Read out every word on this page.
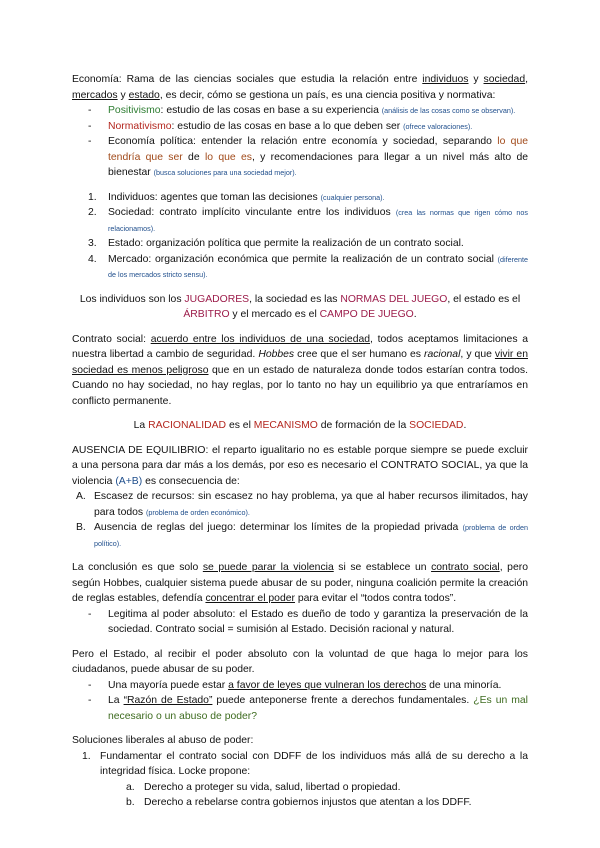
Economía: Rama de las ciencias sociales que estudia la relación entre individuos y sociedad, mercados y estado, es decir, cómo se gestiona un país, es una ciencia positiva y normativa:

-	Positivismo: estudio de las cosas en base a su experiencia (análisis de las cosas como se observan).
-	Normativismo: estudio de las cosas en base a lo que deben ser (ofrece valoraciones).
-	Economía política: entender la relación entre economía y sociedad, separando lo que tendría que ser de lo que es, y recomendaciones para llegar a un nivel más alto de bienestar (busca soluciones para una sociedad mejor).
1.	Individuos: agentes que toman las decisiones (cualquier persona).
2.	Sociedad: contrato implícito vinculante entre los individuos (crea las normas que rigen cómo nos relacionamos).
3.	Estado: organización política que permite la realización de un contrato social.
4.	Mercado: organización económica que permite la realización de un contrato social (diferente de los mercados stricto sensu).

Los individuos son los JUGADORES, la sociedad es las NORMAS DEL JUEGO, el estado es el ÁRBITRO y el mercado es el CAMPO DE JUEGO.

Contrato social: acuerdo entre los individuos de una sociedad, todos aceptamos limitaciones a nuestra libertad a cambio de seguridad. Hobbes cree que el ser humano es racional, y que vivir en sociedad es menos peligroso que en un estado de naturaleza donde todos estarían contra todos. Cuando no hay sociedad, no hay reglas, por lo tanto no hay un equilibrio ya que entraríamos en conflicto permanente.

La RACIONALIDAD es el MECANISMO de formación de la SOCIEDAD.

AUSENCIA DE EQUILIBRIO: el reparto igualitario no es estable porque siempre se puede excluir a una persona para dar más a los demás, por eso es necesario el CONTRATO SOCIAL, ya que la violencia (A+B) es consecuencia de:

A. Escasez de recursos: sin escasez no hay problema, ya que al haber recursos ilimitados, hay para todos (problema de orden económico).
B. Ausencia de reglas del juego: determinar los límites de la propiedad privada (problema de orden político).

La conclusión es que solo se puede parar la violencia si se establece un contrato social, pero según Hobbes, cualquier sistema puede abusar de su poder, ninguna coalición permite la creación de reglas estables, defendía concentrar el poder para evitar el “todos contra todos”.

-	Legitima al poder absoluto: el Estado es dueño de todo y garantiza la preservación de la sociedad. Contrato social = sumisión al Estado. Decisión racional y natural.

Pero el Estado, al recibir el poder absoluto con la voluntad de que haga lo mejor para los ciudadanos, puede abusar de su poder.

-	Una mayoría puede estar a favor de leyes que vulneran los derechos de una minoría.
-	La “Razón de Estado” puede anteponerse frente a derechos fundamentales. ¿Es un mal necesario o un abuso de poder?

Soluciones liberales al abuso de poder:

1. Fundamentar el contrato social con DDFF de los individuos más allá de su derecho a la integridad física. Locke propone:
a. Derecho a proteger su vida, salud, libertad o propiedad.
b. Derecho a rebelarse contra gobiernos injustos que atentan a los DDFF.
